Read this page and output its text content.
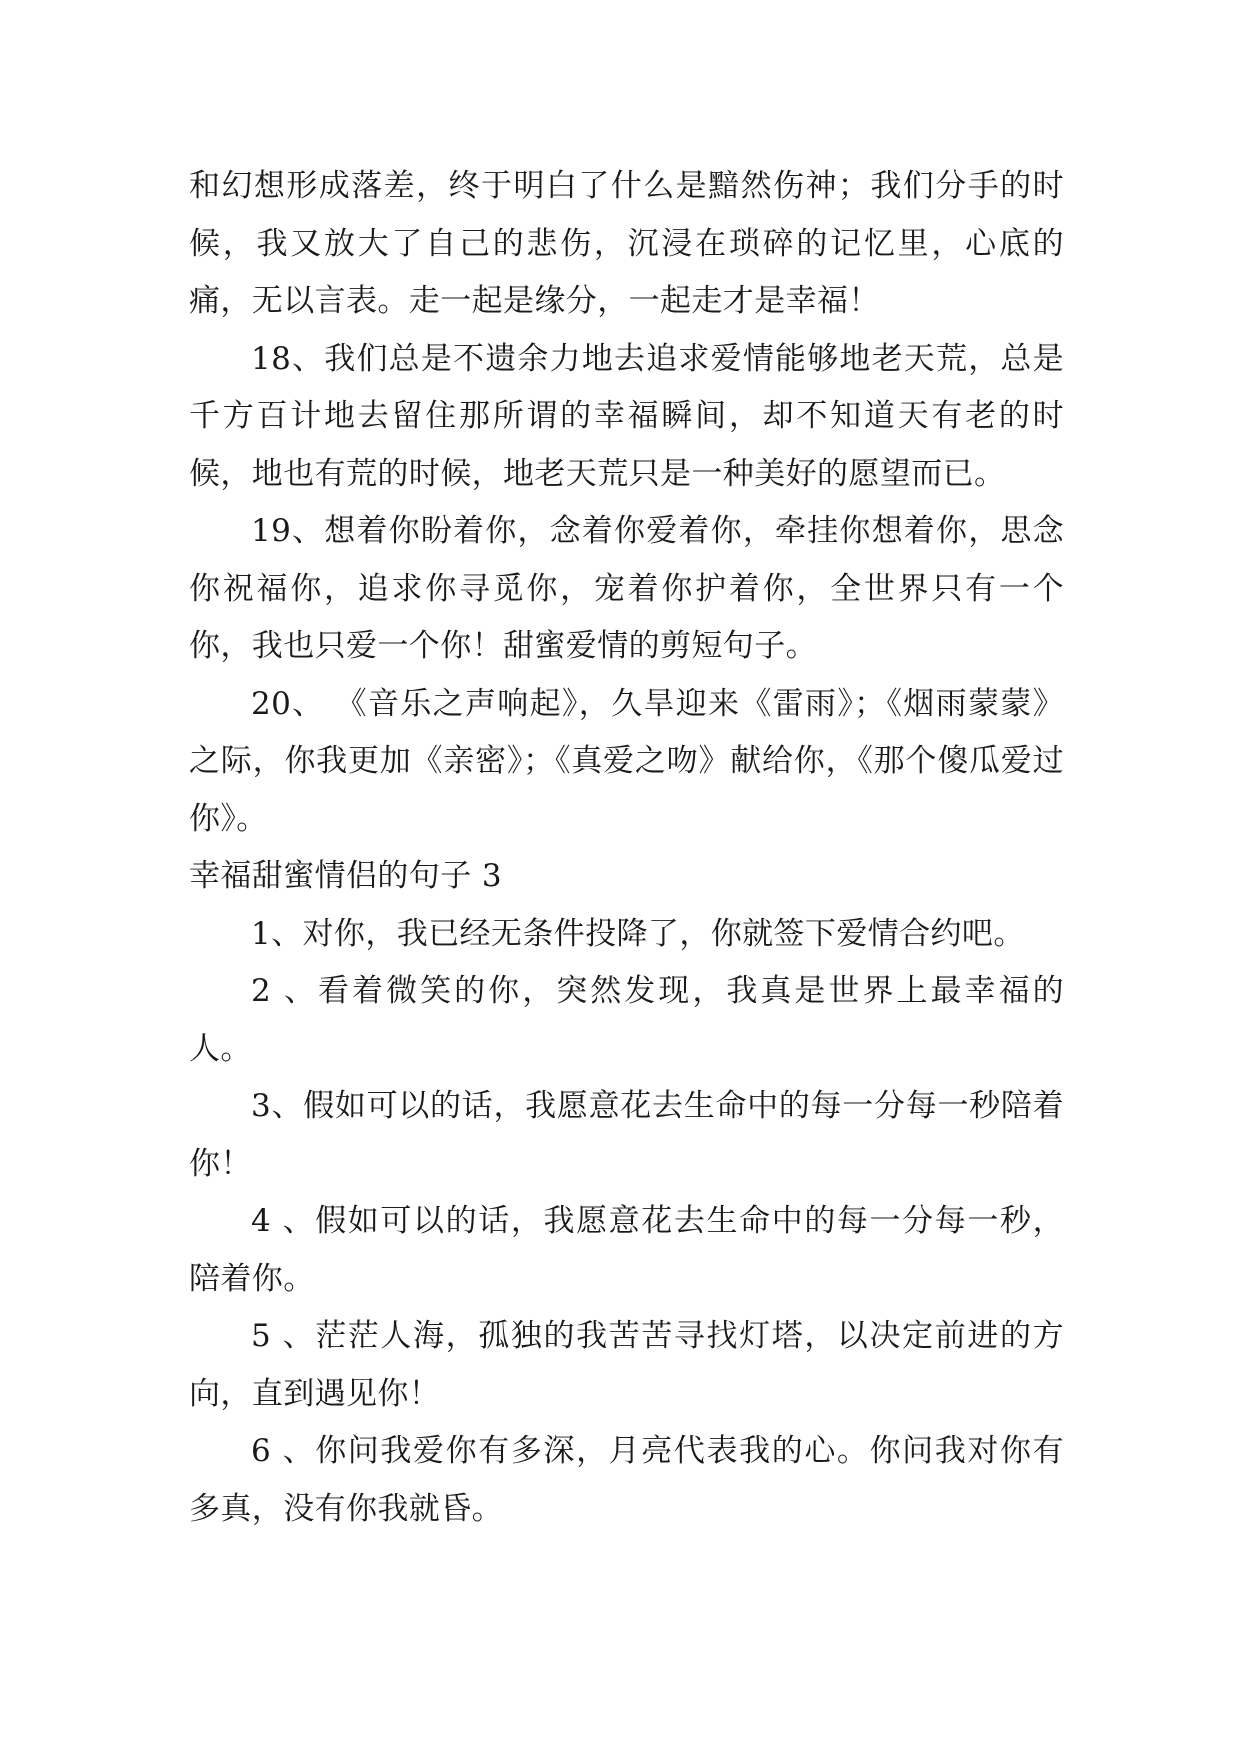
和幻想形成落差，终于明白了什么是黯然伤神；我们分手的时候，我又放大了自己的悲伤，沉浸在琐碎的记忆里，心底的痛，无以言表。走一起是缘分，一起走才是幸福！

18、我们总是不遗余力地去追求爱情能够地老天荒，总是千方百计地去留住那所谓的幸福瞬间，却不知道天有老的时候，地也有荒的时候，地老天荒只是一种美好的愿望而已。

19、想着你盼着你，念着你爱着你，牵挂你想着你，思念你祝福你，追求你寻觅你，宠着你护着你，全世界只有一个你，我也只爱一个你！甜蜜爱情的剪短句子。

20、 《音乐之声响起》，久旱迎来《雷雨》；《烟雨蒙蒙》之际，你我更加《亲密》；《真爱之吻》献给你，《那个傻瓜爱过你》。

幸福甜蜜情侣的句子 3

1、对你，我已经无条件投降了，你就签下爱情合约吧。

2 、看着微笑的你，突然发现，我真是世界上最幸福的人。

3、假如可以的话，我愿意花去生命中的每一分每一秒陪着你！

4 、假如可以的话，我愿意花去生命中的每一分每一秒，陪着你。

5 、茫茫人海，孤独的我苦苦寻找灯塔，以决定前进的方向，直到遇见你！

6 、你问我爱你有多深，月亮代表我的心。你问我对你有多真，没有你我就昏。
